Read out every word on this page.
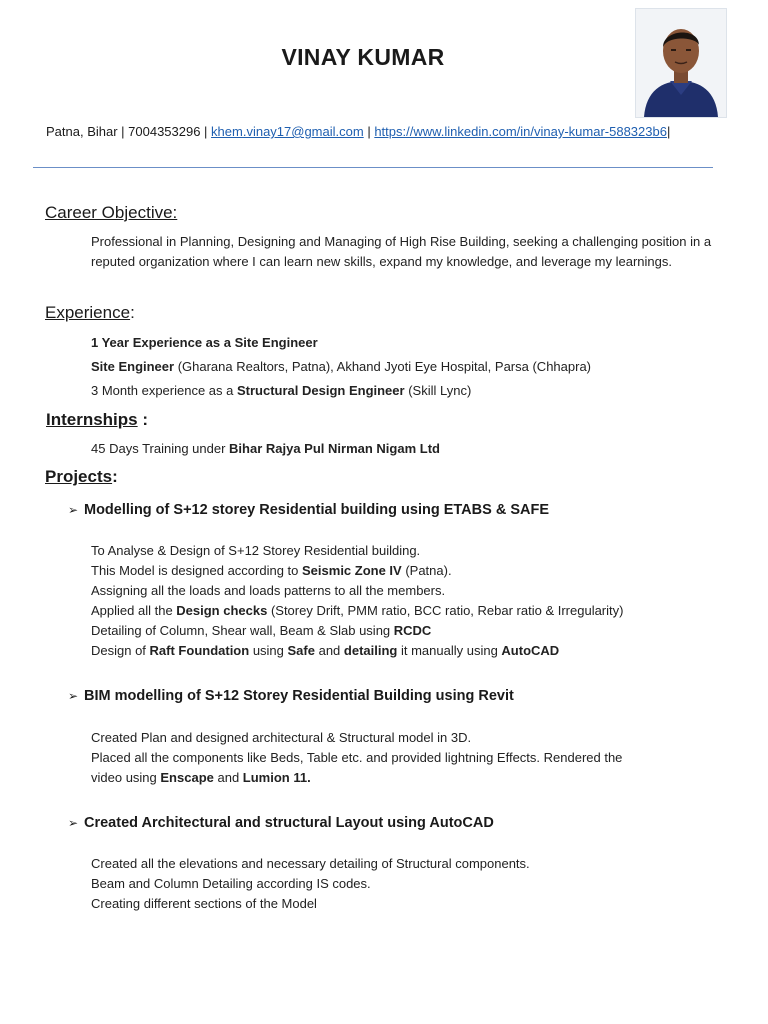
VINAY KUMAR
Patna, Bihar | 7004353296 | khem.vinay17@gmail.com | https://www.linkedin.com/in/vinay-kumar-588323b6|
Career Objective:
Professional in Planning, Designing and Managing of High Rise Building, seeking a challenging position in a reputed organization where I can learn new skills, expand my knowledge, and leverage my learnings.
Experience:
1 Year Experience as a Site Engineer
Site Engineer (Gharana Realtors, Patna), Akhand Jyoti Eye Hospital, Parsa (Chhapra)
3 Month experience as a Structural Design Engineer (Skill Lync)
Internships :
45 Days Training under Bihar Rajya Pul Nirman Nigam Ltd
Projects:
➢ Modelling of S+12 storey Residential building using ETABS & SAFE
To Analyse & Design of S+12 Storey Residential building.
This Model is designed according to Seismic Zone IV (Patna).
Assigning all the loads and loads patterns to all the members.
Applied all the Design checks (Storey Drift, PMM ratio, BCC ratio, Rebar ratio & Irregularity)
Detailing of Column, Shear wall, Beam & Slab using RCDC
Design of Raft Foundation using Safe and detailing it manually using AutoCAD
➢ BIM modelling of S+12 Storey Residential Building using Revit
Created Plan and designed architectural & Structural model in 3D.
Placed all the components like Beds, Table etc. and provided lightning Effects. Rendered the
video using Enscape and Lumion 11.
➢ Created Architectural and structural Layout using AutoCAD
Created all the elevations and necessary detailing of Structural components.
Beam and Column Detailing according IS codes.
Creating different sections of the Model
